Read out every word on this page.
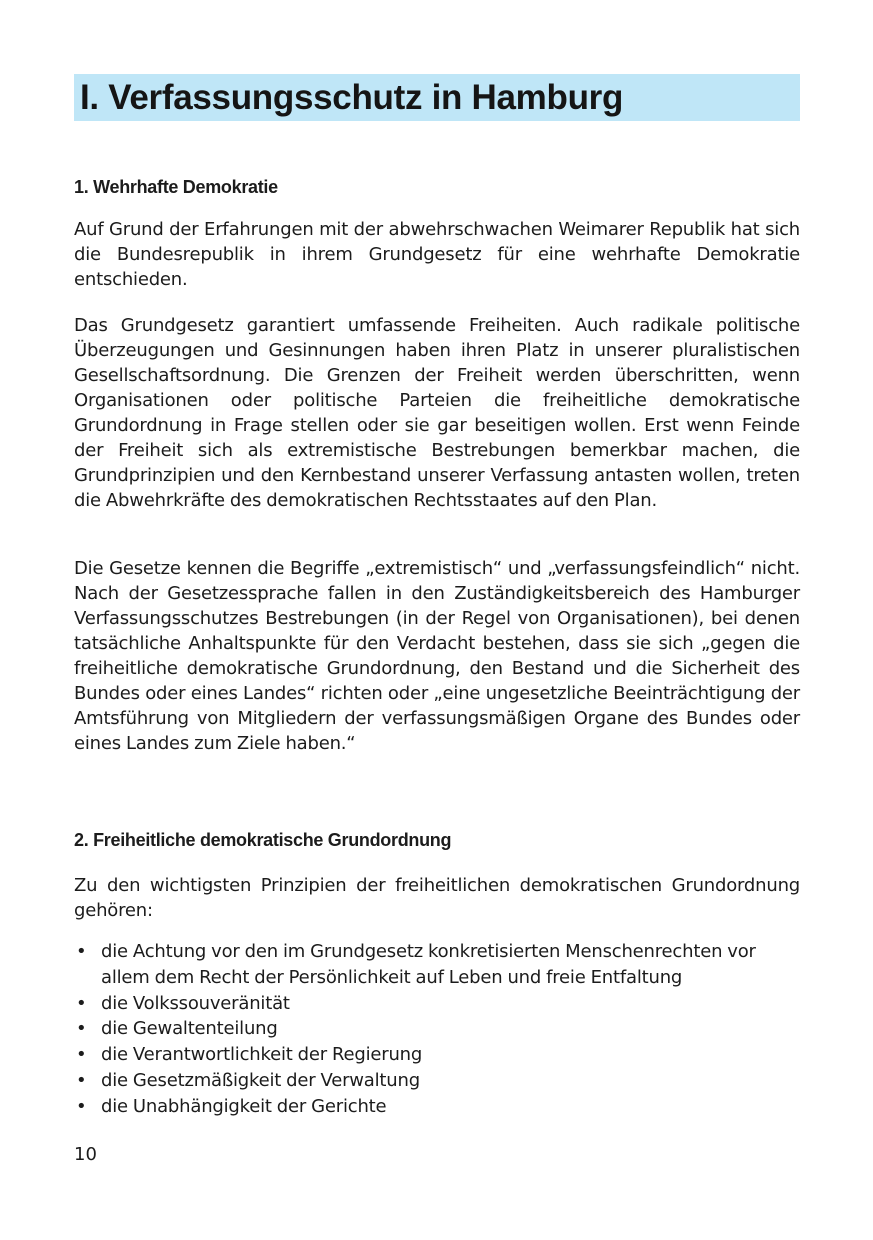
I. Verfassungsschutz in Hamburg
1. Wehrhafte Demokratie

Auf Grund der Erfahrungen mit der abwehrschwachen Weimarer Republik hat sich die Bundesrepublik in ihrem Grundgesetz für eine wehrhafte Demokratie entschieden.

Das Grundgesetz garantiert umfassende Freiheiten. Auch radikale politische Überzeugungen und Gesinnungen haben ihren Platz in unserer pluralistischen Gesellschaftsordnung. Die Grenzen der Freiheit werden überschritten, wenn Organisationen oder politische Parteien die freiheitliche demokratische Grundordnung in Frage stellen oder sie gar beseitigen wollen. Erst wenn Feinde der Freiheit sich als extremistische Bestrebungen bemerkbar machen, die Grundprinzipien und den Kernbestand unserer Verfassung antasten wollen, treten die Abwehrkräfte des demokratischen Rechtsstaates auf den Plan.

Die Gesetze kennen die Begriffe „extremistisch“ und „verfassungsfeindlich“ nicht. Nach der Gesetzessprache fallen in den Zuständigkeitsbereich des Hamburger Verfassungsschutzes Bestrebungen (in der Regel von Organisationen), bei denen tatsächliche Anhaltspunkte für den Verdacht bestehen, dass sie sich „gegen die freiheitliche demokratische Grundordnung, den Bestand und die Sicherheit des Bundes oder eines Landes“ richten oder „eine ungesetzliche Beeinträchtigung der Amtsführung von Mitgliedern der verfassungsmäßigen Organe des Bundes oder eines Landes zum Ziele haben.“

2. Freiheitliche demokratische Grundordnung

Zu den wichtigsten Prinzipien der freiheitlichen demokratischen Grundordnung gehören:

• die Achtung vor den im Grundgesetz konkretisierten Menschenrechten vor allem dem Recht der Persönlichkeit auf Leben und freie Entfaltung
• die Volkssouveränität
• die Gewaltenteilung
• die Verantwortlichkeit der Regierung
• die Gesetzmäßigkeit der Verwaltung
• die Unabhängigkeit der Gerichte
10
